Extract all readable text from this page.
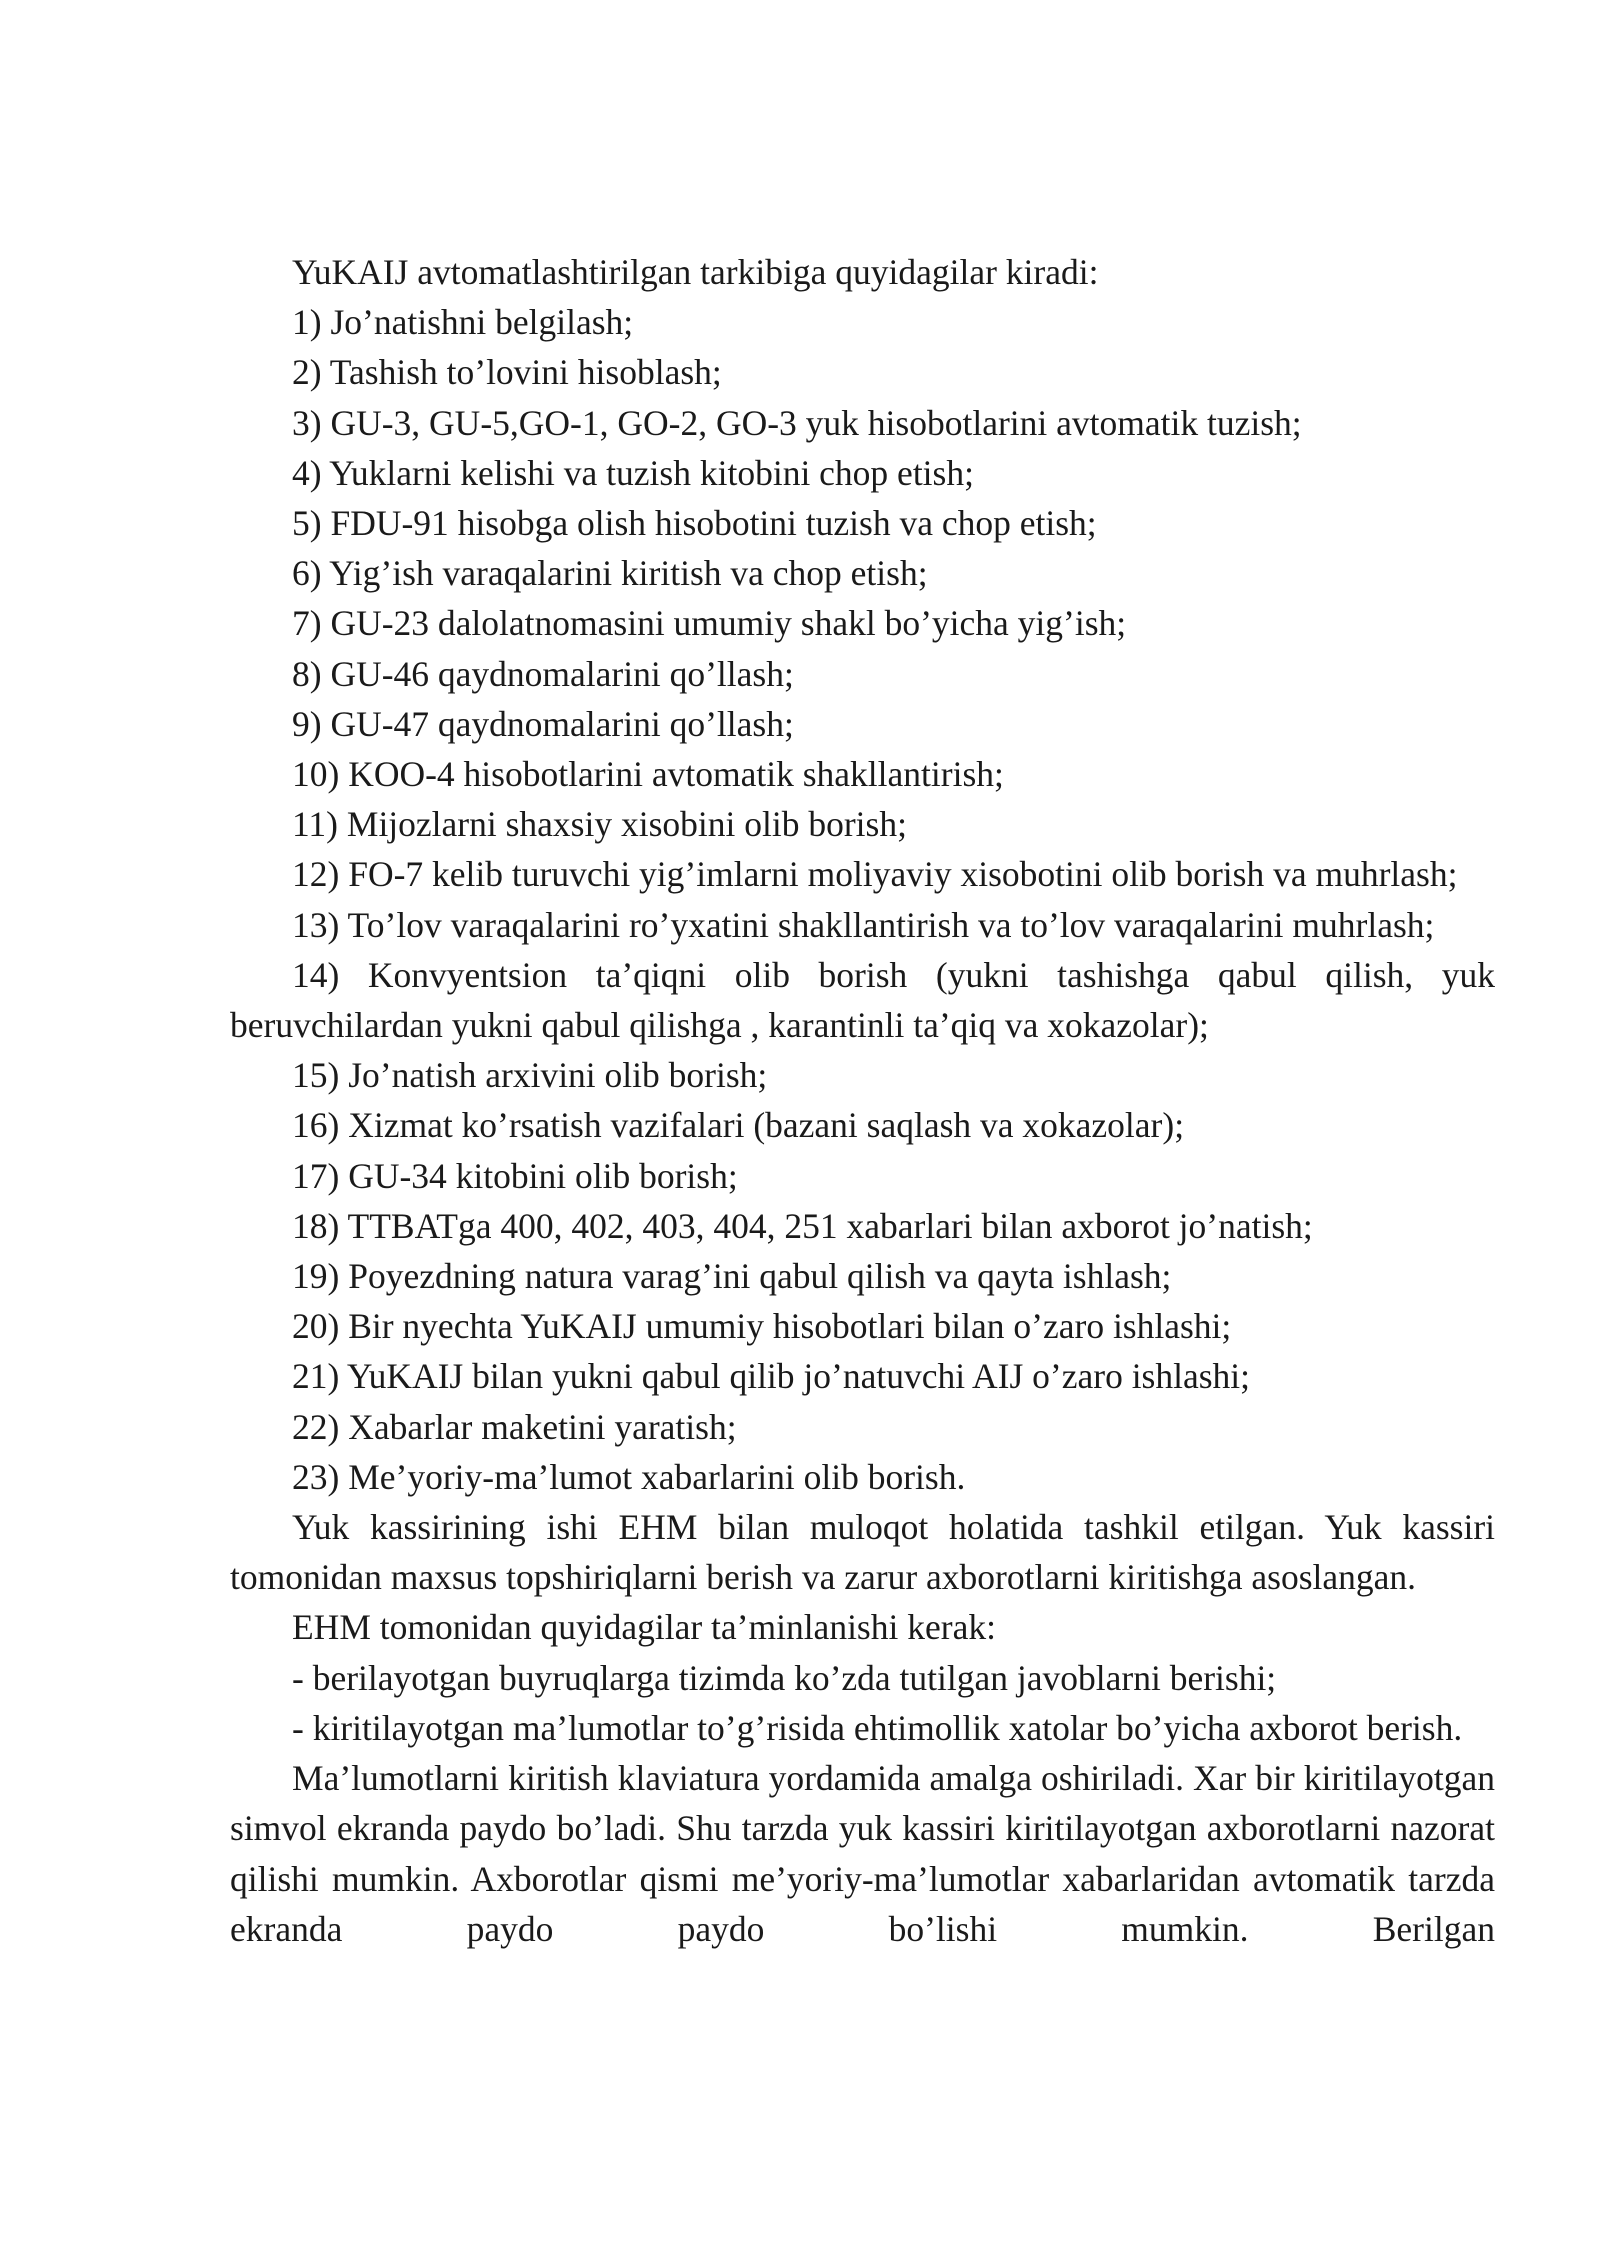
YuKAIJ avtomatlashtirilgan tarkibiga quyidagilar kiradi:

1) Jo’natishni belgilash;

2) Tashish to’lovini hisoblash;

3) GU-3, GU-5,GO-1, GO-2, GO-3 yuk hisobotlarini avtomatik tuzish;

4) Yuklarni kelishi va tuzish kitobini chop etish;

5) FDU-91 hisobga olish hisobotini tuzish va chop etish;

6) Yig’ish varaqalarini kiritish va chop etish;

7) GU-23 dalolatnomasini umumiy shakl bo’yicha yig’ish;

8) GU-46 qaydnomalarini qo’llash;

9) GU-47 qaydnomalarini qo’llash;

10) KOO-4 hisobotlarini avtomatik shakllantirish;

11) Mijozlarni shaxsiy xisobini olib borish;

12) FO-7 kelib turuvchi yig’imlarni moliyaviy xisobotini olib borish va muhrlash;

13) To’lov varaqalarini ro’yxatini shakllantirish va to’lov varaqalarini muhrlash;

14) Konvyentsion ta’qiqni olib borish (yukni tashishga qabul qilish, yuk beruvchilardan yukni qabul qilishga , karantinli ta’qiq va xokazolar);

15) Jo’natish arxivini olib borish;

16) Xizmat ko’rsatish vazifalari (bazani saqlash va xokazolar);

17) GU-34 kitobini olib borish;

18) TTBATga 400, 402, 403, 404, 251 xabarlari bilan axborot jo’natish;

19) Poyezdning natura varag’ini qabul qilish va qayta ishlash;

20) Bir nyechta YuKAIJ umumiy hisobotlari bilan o’zaro ishlashi;

21) YuKAIJ bilan yukni qabul qilib jo’natuvchi AIJ o’zaro ishlashi;

22) Xabarlar maketini yaratish;

23) Me’yoriy-ma’lumot xabarlarini olib borish.

Yuk kassirining ishi EHM bilan muloqot holatida tashkil etilgan. Yuk kassiri tomonidan maxsus topshiriqlarni berish va zarur axborotlarni kiritishga asoslangan.

EHM tomonidan quyidagilar ta’minlanishi kerak:

- berilayotgan buyruqlarga tizimda ko’zda tutilgan javoblarni berishi;

- kiritilayotgan ma’lumotlar to’g’risida ehtimollik xatolar bo’yicha axborot berish.

Ma’lumotlarni kiritish klaviatura yordamida amalga oshiriladi. Xar bir kiritilayotgan simvol ekranda paydo bo’ladi. Shu tarzda yuk kassiri kiritilayotgan axborotlarni nazorat qilishi mumkin. Axborotlar qismi me’yoriy-ma’lumotlar xabarlaridan avtomatik tarzda ekranda paydo paydo bo’lishi mumkin. Berilgan
